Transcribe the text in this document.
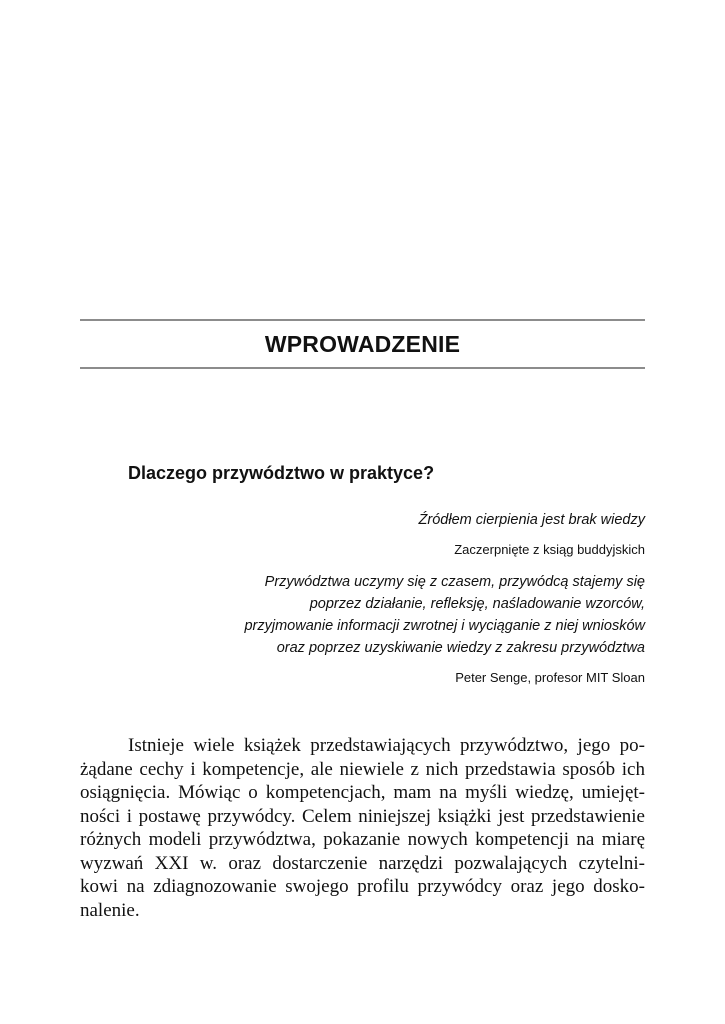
WPROWADZENIE
Dlaczego przywództwo w praktyce?
Źródłem cierpienia jest brak wiedzy
Zaczerpnięte z ksiąg buddyjskich
Przywództwa uczymy się z czasem, przywódcą stajemy się
poprzez działanie, refleksję, naśladowanie wzorców,
przyjmowanie informacji zwrotnej i wyciąganie z niej wniosków
oraz poprzez uzyskiwanie wiedzy z zakresu przywództwa
Peter Senge, profesor MIT Sloan
Istnieje wiele książek przedstawiających przywództwo, jego po-
żądane cechy i kompetencje, ale niewiele z nich przedstawia sposób ich
osiągnięcia. Mówiąc o kompetencjach, mam na myśli wiedzę, umiejęt-
ności i postawę przywódcy. Celem niniejszej książki jest przedstawienie
różnych modeli przywództwa, pokazanie nowych kompetencji na miarę
wyzwań XXI w. oraz dostarczenie narzędzi pozwalających czytelni-
kowi na zdiagnozowanie swojego profilu przywódcy oraz jego dosko-
nalenie.
